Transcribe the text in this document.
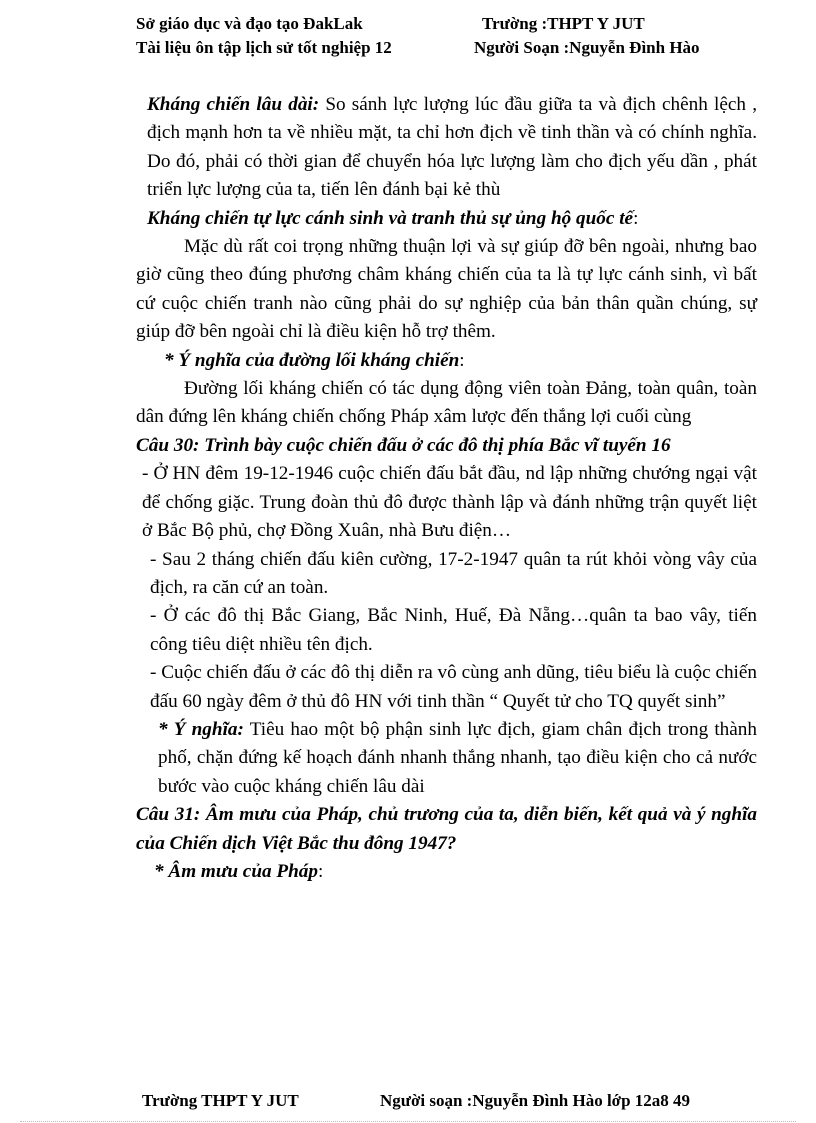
Sở giáo dục và đạo tạo ĐakLak	Trường :THPT Y JUT
Tài liệu ôn tập lịch sử tốt nghiệp 12	Người Soạn :Nguyễn Đình Hào

Kháng chiến lâu dài: So sánh lực lượng lúc đầu giữa ta và địch chênh lệch , địch mạnh hơn ta về nhiều mặt, ta chỉ hơn địch về tinh thần và có chính nghĩa. Do đó, phải có thời gian để chuyển hóa lực lượng làm cho địch yếu dần , phát triển lực lượng của ta, tiến lên đánh bại kẻ thù

Kháng chiến tự lực cánh sinh và tranh thủ sự ủng hộ quốc tế:

Mặc dù rất coi trọng những thuận lợi và sự giúp đỡ bên ngoài, nhưng bao giờ cũng theo đúng phương châm kháng chiến của ta là tự lực cánh sinh, vì bất cứ cuộc chiến tranh nào cũng phải do sự nghiệp của bản thân quần chúng, sự giúp đỡ bên ngoài chỉ là điều kiện hỗ trợ thêm.

* Ý nghĩa của đường lối kháng chiến:

Đường lối kháng chiến có tác dụng động viên toàn Đảng, toàn quân, toàn dân đứng lên kháng chiến chống Pháp xâm lược đến thắng lợi cuối cùng

Câu 30: Trình bày cuộc chiến đấu ở các đô thị phía Bắc vĩ tuyến 16

- Ở HN đêm 19-12-1946 cuộc chiến đấu bắt đầu, nd lập những chướng ngại vật để chống giặc. Trung đoàn thủ đô được thành lập và đánh những trận quyết liệt ở Bắc Bộ phủ, chợ Đồng Xuân, nhà Bưu điện…

- Sau 2 tháng chiến đấu kiên cường, 17-2-1947 quân ta rút khỏi vòng vây của địch, ra căn cứ an toàn.

- Ở các đô thị Bắc Giang, Bắc Ninh, Huế, Đà Nẵng…quân ta bao vây, tiến công tiêu diệt nhiều tên địch.

- Cuộc chiến đấu ở các đô thị diễn ra vô cùng anh dũng, tiêu biểu là cuộc chiến đấu 60 ngày đêm ở thủ đô HN với tinh thần “ Quyết tử cho TQ quyết sinh”

* Ý nghĩa: Tiêu hao một bộ phận sinh lực địch, giam chân địch trong thành phố, chặn đứng kế hoạch đánh nhanh thắng nhanh, tạo điều kiện cho cả nước bước vào cuộc kháng chiến lâu dài

Câu 31: Âm mưu của Pháp, chủ trương của ta, diễn biến, kết quả và ý nghĩa của Chiến dịch Việt Bắc thu đông 1947?

* Âm mưu của Pháp:

Trường THPT Y JUT	Người soạn :Nguyễn Đình Hào lớp 12a8 49
